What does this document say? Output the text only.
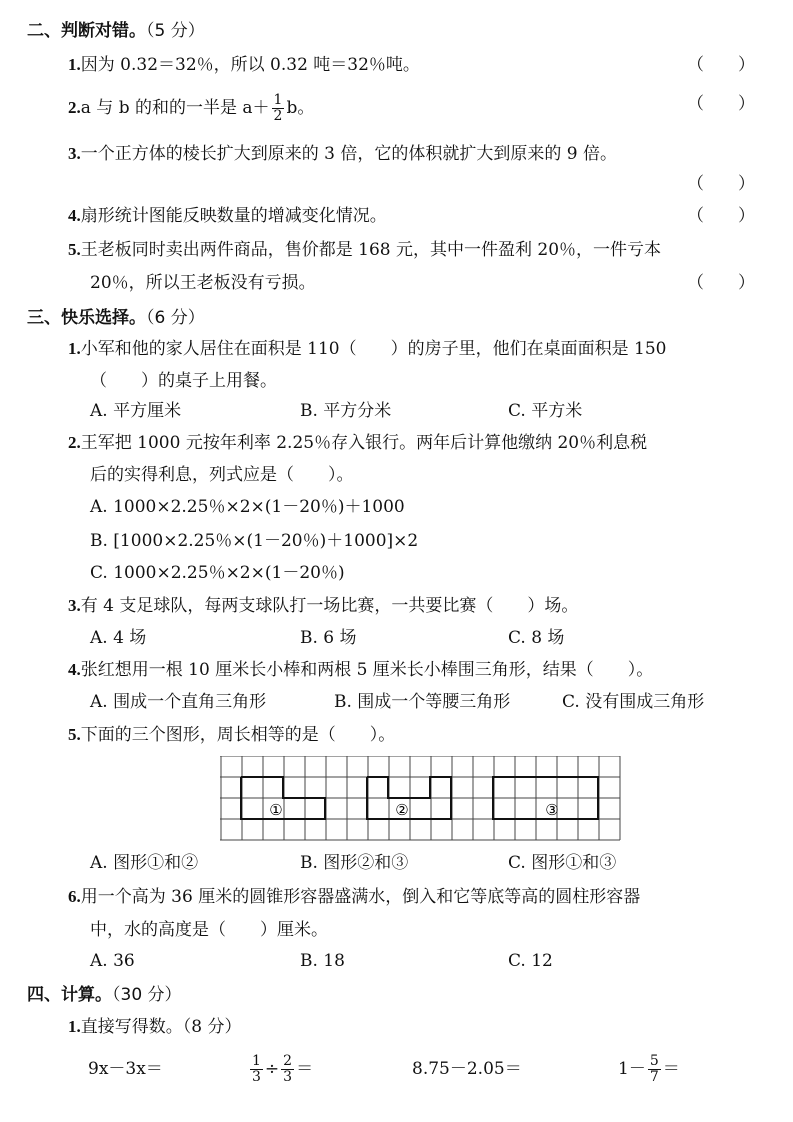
二、判断对错。（5 分）
1.因为 0.32＝32％，所以 0.32 吨＝32％吨。	（　　）
2.a 与 b 的和的一半是 $a+ \frac{1}{2}$ b。	（　　）
3.一个正方体的棱长扩大到原来的 3 倍，它的体积就扩大到原来的 9 倍。
（　　）
4.扇形统计图能反映数量的增减变化情况。	（　　）
5.王老板同时卖出两件商品，售价都是 168 元，其中一件盈利 20％，一件亏本
20％，所以王老板没有亏损。	（　　）
三、快乐选择。（6 分）
1.小军和他的家人居住在面积是 110（　　）的房子里，他们在桌面面积是 150
（　　）的桌子上用餐。
A. 平方厘米	B. 平方分米	C. 平方米
2.王军把 1000 元按年利率 2.25％存入银行。两年后计算他缴纳 20％利息税
后的实得利息，列式应是（　　）。
A. 1000×2.25％×2×(1－20％)＋1000
B. [1000×2.25％×(1－20％)＋1000]×2
C. 1000×2.25％×2×(1－20％)
3.有 4 支足球队，每两支球队打一场比赛，一共要比赛（　　）场。
A. 4 场	B. 6 场	C. 8 场
4.张红想用一根 10 厘米长小棒和两根 5 厘米长小棒围三角形，结果（　　）。
A. 围成一个直角三角形	B. 围成一个等腰三角形	C. 没有围成三角形
5.下面的三个图形，周长相等的是（　　）。
①	②	③
A. 图形①和②	B. 图形②和③	C. 图形①和③
6.用一个高为 36 厘米的圆锥形容器盛满水，倒入和它等底等高的圆柱形容器
中，水的高度是（　　）厘米。
A. 36	B. 18	C. 12
四、计算。（30 分）
1.直接写得数。（8 分）
9x－3x＝	$\frac{1}{3} \div \frac{2}{3}$ ＝	8.75－2.05＝	$1- \frac{5}{7}$ ＝
